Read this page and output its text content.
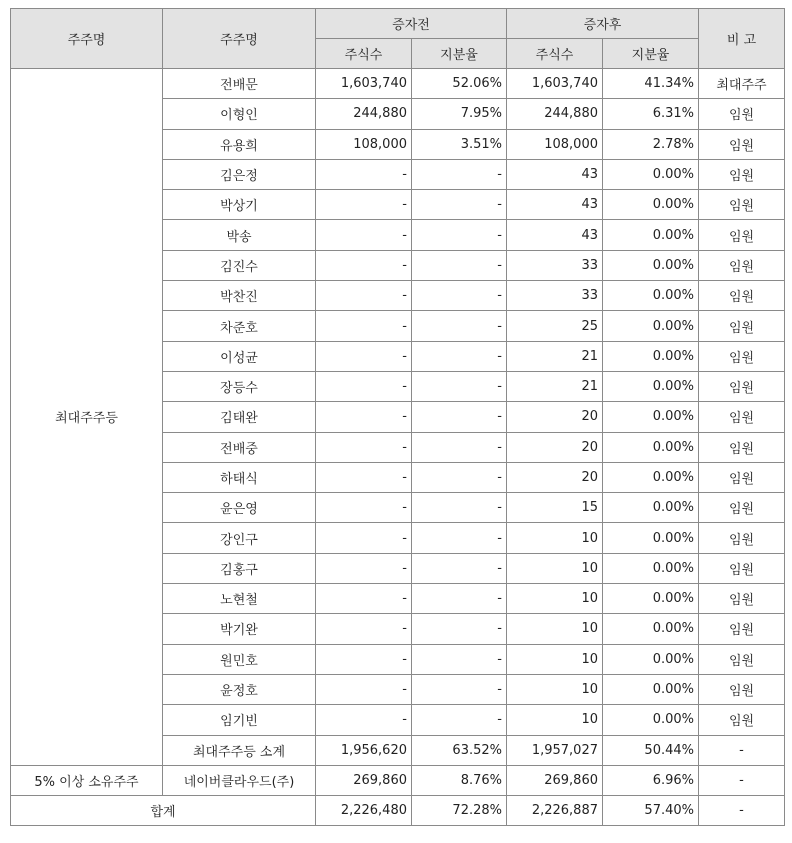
주주명	주주명	증자전		증자후		비 고
		주식수	지분율	주식수	지분율	
최대주주등	전배문	1,603,740	52.06%	1,603,740	41.34%	최대주주
	이형인	244,880	7.95%	244,880	6.31%	임원
	유용희	108,000	3.51%	108,000	2.78%	임원
	김은정	-	-	43	0.00%	임원
	박상기	-	-	43	0.00%	임원
	박송	-	-	43	0.00%	임원
	김진수	-	-	33	0.00%	임원
	박찬진	-	-	33	0.00%	임원
	차준호	-	-	25	0.00%	임원
	이성균	-	-	21	0.00%	임원
	장등수	-	-	21	0.00%	임원
	김태완	-	-	20	0.00%	임원
	전배중	-	-	20	0.00%	임원
	하태식	-	-	20	0.00%	임원
	윤은영	-	-	15	0.00%	임원
	강인구	-	-	10	0.00%	임원
	김홍구	-	-	10	0.00%	임원
	노현철	-	-	10	0.00%	임원
	박기완	-	-	10	0.00%	임원
	원민호	-	-	10	0.00%	임원
	윤정호	-	-	10	0.00%	임원
	임기빈	-	-	10	0.00%	임원
	최대주주등 소계	1,956,620	63.52%	1,957,027	50.44%	-
5% 이상 소유주주	네이버클라우드(주)	269,860	8.76%	269,860	6.96%	-
합계		2,226,480	72.28%	2,226,887	57.40%	-
